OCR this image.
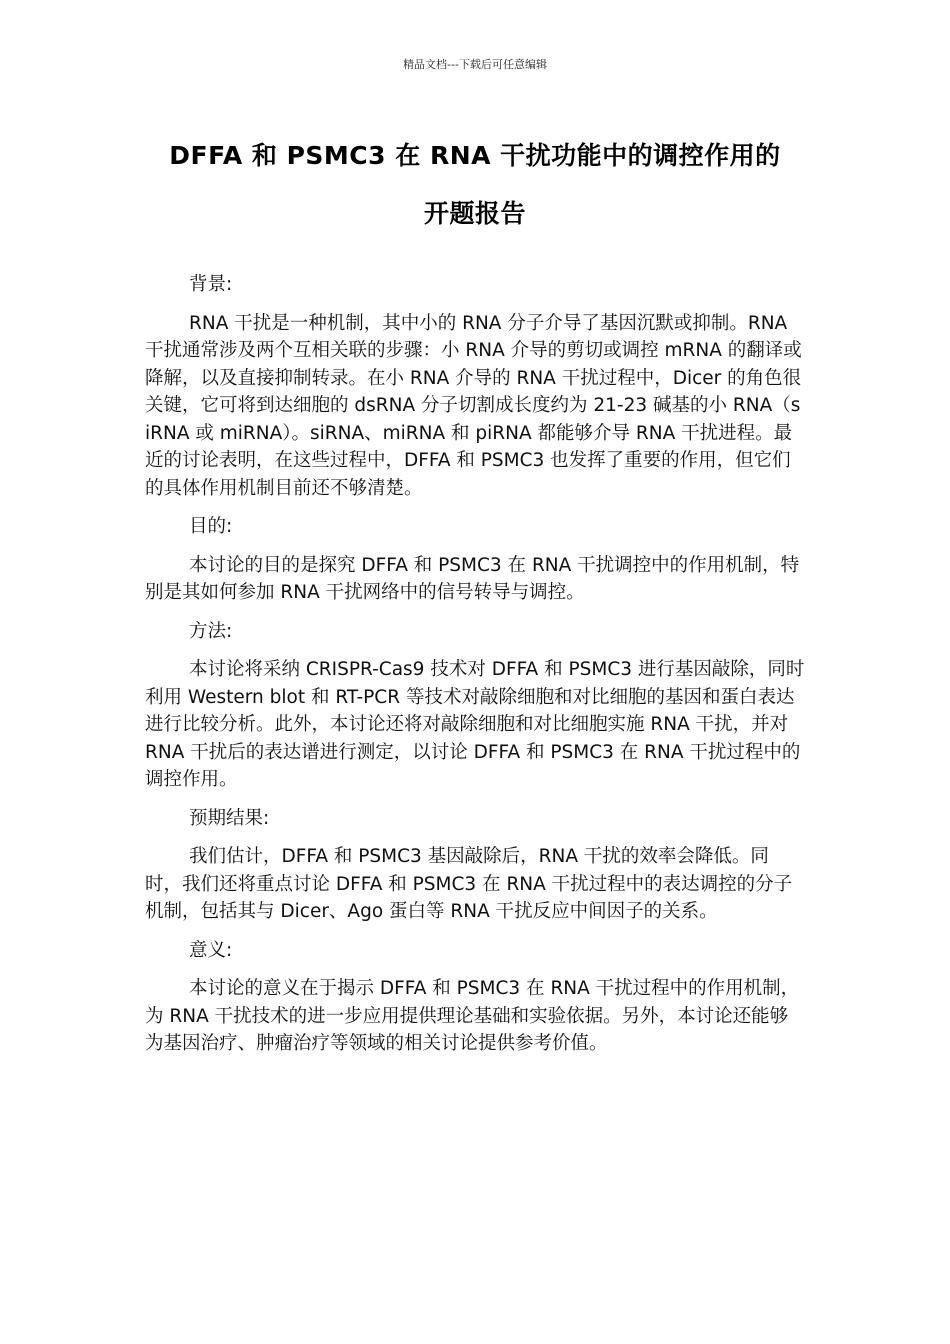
精品文档---下载后可任意编辑
DFFA 和 PSMC3 在 RNA 干扰功能中的调控作用的
开题报告

背景:

RNA 干扰是一种机制，其中小的 RNA 分子介导了基因沉默或抑制。RNA 干扰通常涉及两个互相关联的步骤：小 RNA 介导的剪切或调控 mRNA 的翻译或降解，以及直接抑制转录。在小 RNA 介导的 RNA 干扰过程中，Dicer 的角色很关键，它可将到达细胞的 dsRNA 分子切割成长度约为 21-23 碱基的小 RNA（siRNA 或 miRNA）。siRNA、miRNA 和 piRNA 都能够介导 RNA 干扰进程。最近的讨论表明，在这些过程中，DFFA 和 PSMC3 也发挥了重要的作用，但它们的具体作用机制目前还不够清楚。

目的:

本讨论的目的是探究 DFFA 和 PSMC3 在 RNA 干扰调控中的作用机制，特别是其如何参加 RNA 干扰网络中的信号转导与调控。

方法:

本讨论将采纳 CRISPR-Cas9 技术对 DFFA 和 PSMC3 进行基因敲除，同时利用 Western blot 和 RT-PCR 等技术对敲除细胞和对比细胞的基因和蛋白表达进行比较分析。此外，本讨论还将对敲除细胞和对比细胞实施 RNA 干扰，并对 RNA 干扰后的表达谱进行测定，以讨论 DFFA 和 PSMC3 在 RNA 干扰过程中的调控作用。

预期结果:

我们估计，DFFA 和 PSMC3 基因敲除后，RNA 干扰的效率会降低。同时，我们还将重点讨论 DFFA 和 PSMC3 在 RNA 干扰过程中的表达调控的分子机制，包括其与 Dicer、Ago 蛋白等 RNA 干扰反应中间因子的关系。

意义:

本讨论的意义在于揭示 DFFA 和 PSMC3 在 RNA 干扰过程中的作用机制，为 RNA 干扰技术的进一步应用提供理论基础和实验依据。另外，本讨论还能够为基因治疗、肿瘤治疗等领域的相关讨论提供参考价值。
